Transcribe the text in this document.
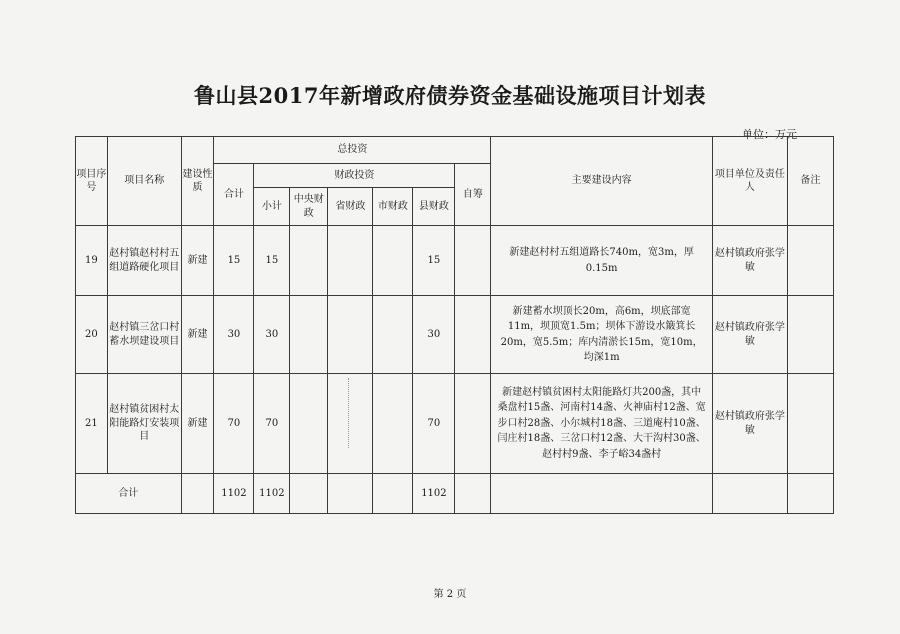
鲁山县2017年新增政府债券资金基础设施项目计划表
单位：万元
项目序号	项目名称	建设性质	总投资							主要建设内容	项目单位及责任人	备注
			合计	财政投资					自筹			
				小计	中央财政	省财政	市财政	县财政				
19	赵村镇赵村村五组道路硬化项目	新建	15	15				15		新建赵村村五组道路长740m，宽3m，厚0.15m	赵村镇政府张学敏	
20	赵村镇三岔口村蓄水坝建设项目	新建	30	30				30		新建蓄水坝顶长20m，高6m，坝底部宽11m，坝顶宽1.5m；坝体下游设水簸箕长20m，宽5.5m；库内清淤长15m，宽10m，均深1m	赵村镇政府张学敏	
21	赵村镇贫困村太阳能路灯安装项目	新建	70	70				70		新建赵村镇贫困村太阳能路灯共200盏，其中桑盘村15盏、河南村14盏、火神庙村12盏、宽步口村28盏、小尔城村18盏、三道庵村10盏、闫庄村18盏、三岔口村12盏、大干沟村30盏、赵村村9盏、李子峪34盏村	赵村镇政府张学敏	
合计			1102	1102				1102				
第 2 页
